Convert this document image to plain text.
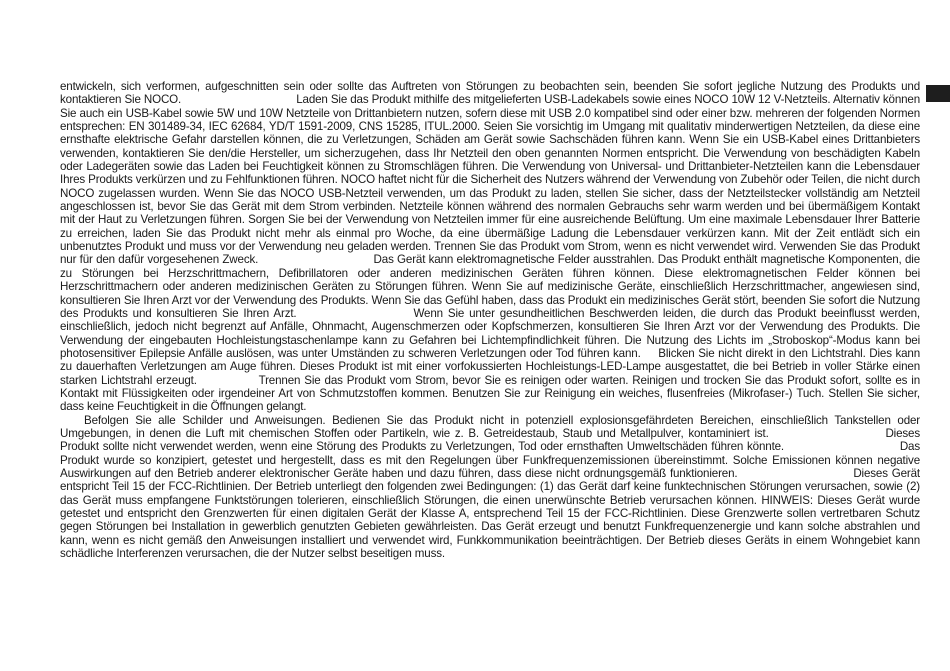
entwickeln, sich verformen, aufgeschnitten sein oder sollte das Auftreten von Störungen zu beobachten sein, beenden Sie sofort jegliche Nutzung des Produkts und kontaktieren Sie NOCO.	Laden Sie das Produkt mithilfe des mitgelieferten USB-Ladekabels sowie eines NOCO 10W 12 V-Netzteils. Alternativ können Sie auch ein USB-Kabel sowie 5W und 10W Netzteile von Drittanbietern nutzen, sofern diese mit USB 2.0 kompatibel sind oder einer bzw. mehreren der folgenden Normen entsprechen: EN 301489-34, IEC 62684, YD/T 1591-2009, CNS 15285, ITUL.2000. Seien Sie vorsichtig im Umgang mit qualitativ minderwertigen Netzteilen, da diese eine ernsthafte elektrische Gefahr darstellen können, die zu Verletzungen, Schäden am Gerät sowie Sachschäden führen kann. Wenn Sie ein USB-Kabel eines Drittanbieters verwenden, kontaktieren Sie den/die Hersteller, um sicherzugehen, dass Ihr Netzteil den oben genannten Normen entspricht. Die Verwendung von beschädigten Kabeln oder Ladegeräten sowie das Laden bei Feuchtigkeit können zu Stromschlägen führen. Die Verwendung von Universal- und Drittanbieter-Netzteilen kann die Lebensdauer Ihres Produkts verkürzen und zu Fehlfunktionen führen. NOCO haftet nicht für die Sicherheit des Nutzers während der Verwendung von Zubehör oder Teilen, die nicht durch NOCO zugelassen wurden. Wenn Sie das NOCO USB-Netzteil verwenden, um das Produkt zu laden, stellen Sie sicher, dass der Netzteilstecker vollständig am Netzteil angeschlossen ist, bevor Sie das Gerät mit dem Strom verbinden. Netzteile können während des normalen Gebrauchs sehr warm werden und bei übermäßigem Kontakt mit der Haut zu Verletzungen führen. Sorgen Sie bei der Verwendung von Netzteilen immer für eine ausreichende Belüftung. Um eine maximale Lebensdauer Ihrer Batterie zu erreichen, laden Sie das Produkt nicht mehr als einmal pro Woche, da eine übermäßige Ladung die Lebensdauer verkürzen kann. Mit der Zeit entlädt sich ein unbenutztes Produkt und muss vor der Verwendung neu geladen werden. Trennen Sie das Produkt vom Strom, wenn es nicht verwendet wird. Verwenden Sie das Produkt nur für den dafür vorgesehenen Zweck.	Das Gerät kann elektromagnetische Felder ausstrahlen. Das Produkt enthält magnetische Komponenten, die zu Störungen bei Herzschrittmachern, Defibrillatoren oder anderen medizinischen Geräten führen können. Diese elektromagnetischen Felder können bei Herzschrittmachern oder anderen medizinischen Geräten zu Störungen führen. Wenn Sie auf medizinische Geräte, einschließlich Herzschrittmacher, angewiesen sind, konsultieren Sie Ihren Arzt vor der Verwendung des Produkts. Wenn Sie das Gefühl haben, dass das Produkt ein medizinisches Gerät stört, beenden Sie sofort die Nutzung des Produkts und konsultieren Sie Ihren Arzt.	Wenn Sie unter gesundheitlichen Beschwerden leiden, die durch das Produkt beeinflusst werden, einschließlich, jedoch nicht begrenzt auf Anfälle, Ohnmacht, Augenschmerzen oder Kopfschmerzen, konsultieren Sie Ihren Arzt vor der Verwendung des Produkts. Die Verwendung der eingebauten Hochleistungstaschenlampe kann zu Gefahren bei Lichtempfindlichkeit führen. Die Nutzung des Lichts im „Stroboskop“-Modus kann bei photosensitiver Epilepsie Anfälle auslösen, was unter Umständen zu schweren Verletzungen oder Tod führen kann. Blicken Sie nicht direkt in den Lichtstrahl. Dies kann zu dauerhaften Verletzungen am Auge führen. Dieses Produkt ist mit einer vorfokussierten Hochleistungs-LED-Lampe ausgestattet, die bei Betrieb in voller Stärke einen starken Lichtstrahl erzeugt.	Trennen Sie das Produkt vom Strom, bevor Sie es reinigen oder warten. Reinigen und trocken Sie das Produkt sofort, sollte es in Kontakt mit Flüssigkeiten oder irgendeiner Art von Schmutzstoffen kommen. Benutzen Sie zur Reinigung ein weiches, flusenfreies (Mikrofaser-) Tuch. Stellen Sie sicher, dass keine Feuchtigkeit in die Öffnungen gelangt.

Befolgen Sie alle Schilder und Anweisungen. Bedienen Sie das Produkt nicht in potenziell explosionsgefährdeten Bereichen, einschließlich Tankstellen oder Umgebungen, in denen die Luft mit chemischen Stoffen oder Partikeln, wie z. B. Getreidestaub, Staub und Metallpulver, kontaminiert ist.	Dieses Produkt sollte nicht verwendet werden, wenn eine Störung des Produkts zu Verletzungen, Tod oder ernsthaften Umweltschäden führen könnte.	Das Produkt wurde so konzipiert, getestet und hergestellt, dass es mit den Regelungen über Funkfrequenzemissionen übereinstimmt. Solche Emissionen können negative Auswirkungen auf den Betrieb anderer elektronischer Geräte haben und dazu führen, dass diese nicht ordnungsgemäß funktionieren.	Dieses Gerät entspricht Teil 15 der FCC-Richtlinien. Der Betrieb unterliegt den folgenden zwei Bedingungen: (1) das Gerät darf keine funktechnischen Störungen verursachen, sowie (2) das Gerät muss empfangene Funktstörungen tolerieren, einschließlich Störungen, die einen unerwünschte Betrieb verursachen können. HINWEIS: Dieses Gerät wurde getestet und entspricht den Grenzwerten für einen digitalen Gerät der Klasse A, entsprechend Teil 15 der FCC-Richtlinien. Diese Grenzwerte sollen vertretbaren Schutz gegen Störungen bei Installation in gewerblich genutzten Gebieten gewährleisten. Das Gerät erzeugt und benutzt Funkfrequenzenergie und kann solche abstrahlen und kann, wenn es nicht gemäß den Anweisungen installiert und verwendet wird, Funkkommunikation beeinträchtigen. Der Betrieb dieses Geräts in einem Wohngebiet kann schädliche Interferenzen verursachen, die der Nutzer selbst beseitigen muss.
